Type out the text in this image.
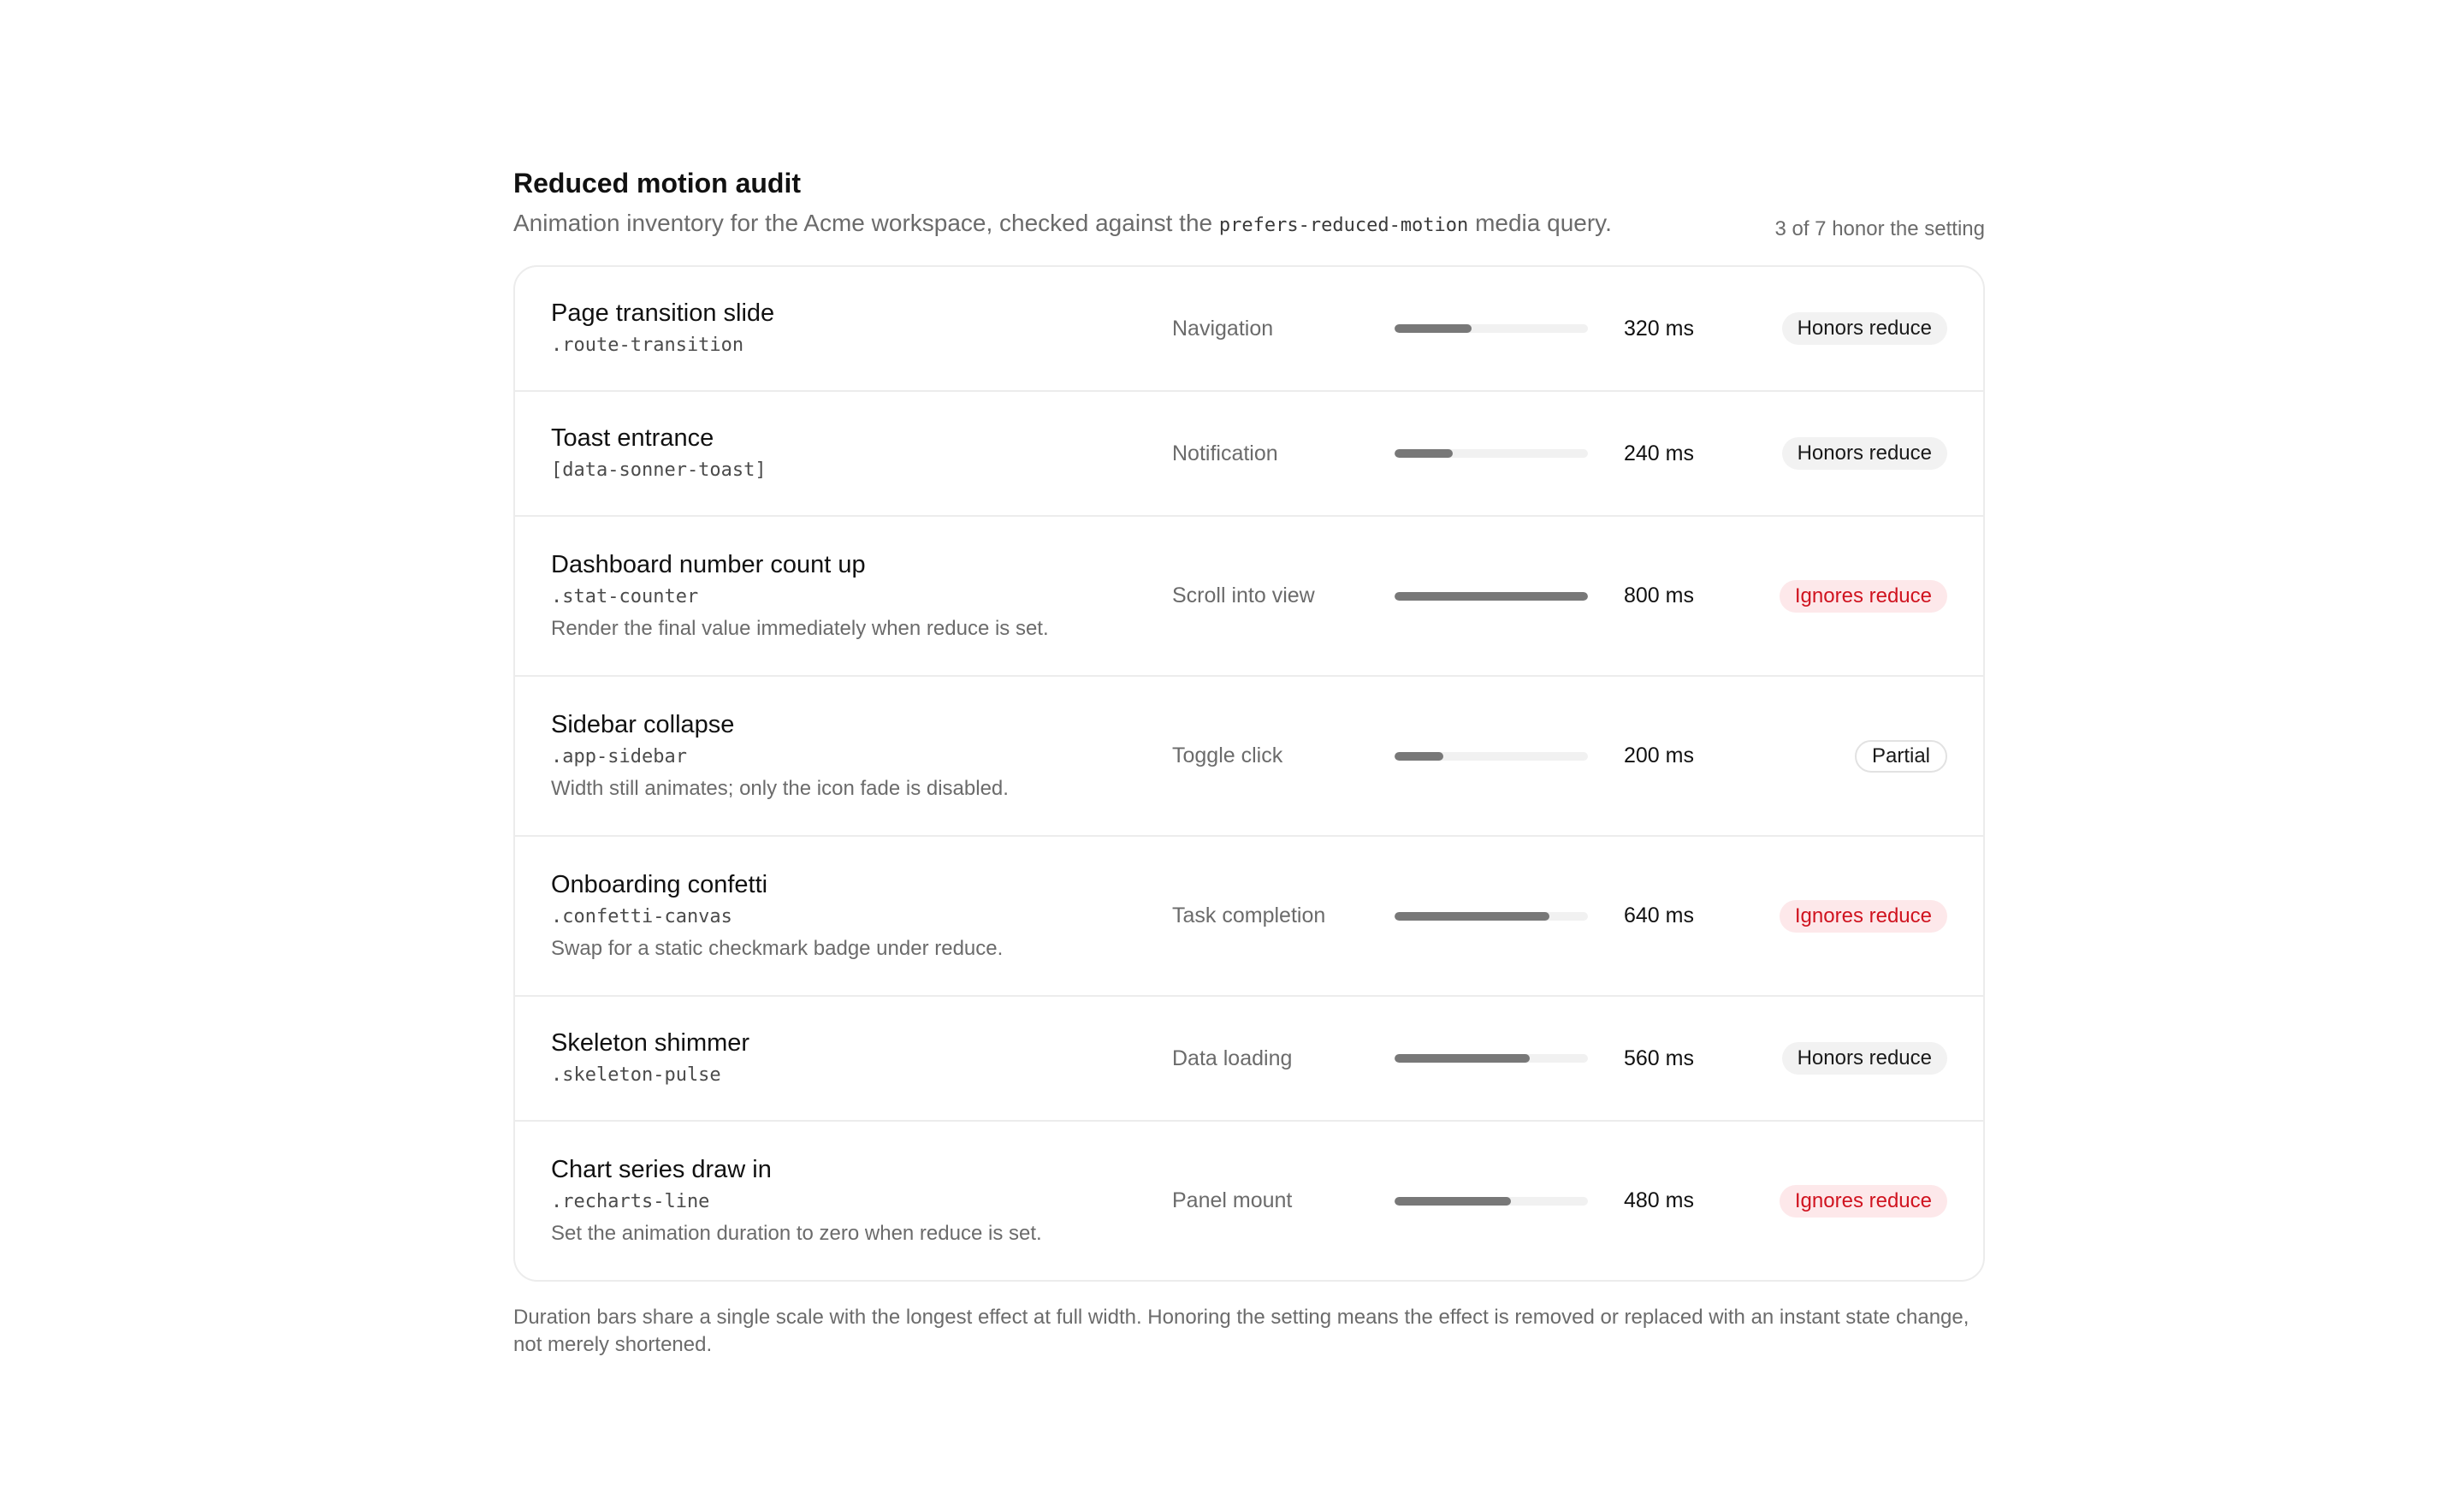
Reduced motion audit
Animation inventory for the Acme workspace, checked against the prefers-reduced-motion media query.	3 of 7 honor the setting
Page transition slide
.route-transition
Navigation	320 ms	Honors reduce
Toast entrance
[data-sonner-toast]
Notification	240 ms	Honors reduce
Dashboard number count up
.stat-counter
Render the final value immediately when reduce is set.
Scroll into view	800 ms	Ignores reduce
Sidebar collapse
.app-sidebar
Width still animates; only the icon fade is disabled.
Toggle click	200 ms	Partial
Onboarding confetti
.confetti-canvas
Swap for a static checkmark badge under reduce.
Task completion	640 ms	Ignores reduce
Skeleton shimmer
.skeleton-pulse
Data loading	560 ms	Honors reduce
Chart series draw in
.recharts-line
Set the animation duration to zero when reduce is set.
Panel mount	480 ms	Ignores reduce
Duration bars share a single scale with the longest effect at full width. Honoring the setting means the effect is removed or replaced with an instant state change, not merely shortened.
